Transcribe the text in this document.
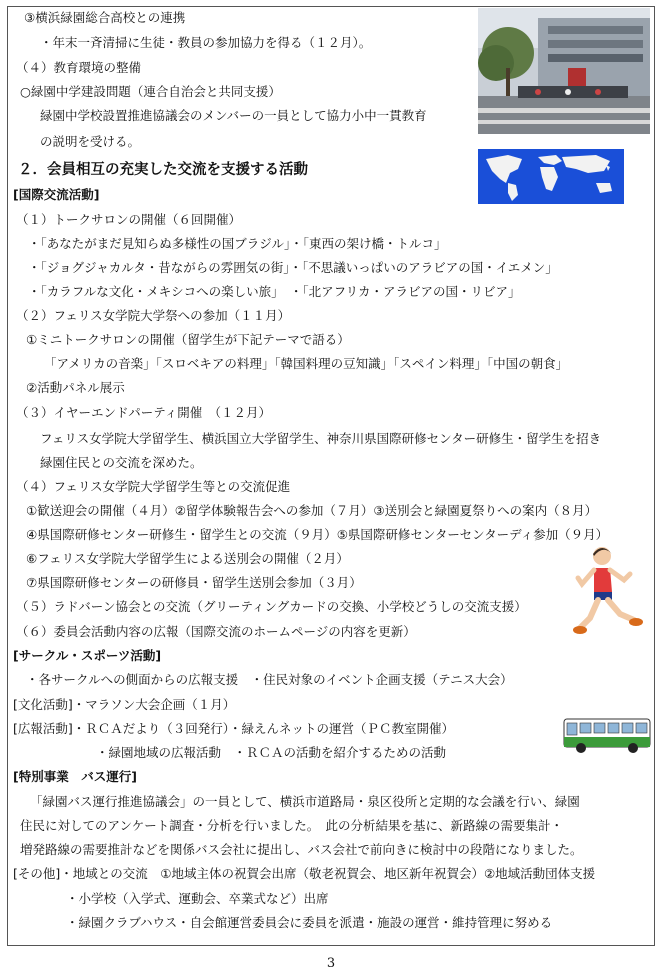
③横浜緑園総合高校との連携
・年末一斉清掃に生徒・教員の参加協力を得る（１２月）。
（４）教育環境の整備
○緑園中学建設問題（連合自治会と共同支援）
緑園中学校設置推進協議会のメンバーの一員として協力小中一貫教育
の説明を受ける。
２．会員相互の充実した交流を支援する活動
[国際交流活動]
（１）トークサロンの開催（６回開催）
・「あなたがまだ見知らぬ多様性の国ブラジル」・「東西の架け橋・トルコ」
・「ジョグジャカルタ・昔ながらの雰囲気の街」・「不思議いっぱいのアラビアの国・イエメン」
・「カラフルな文化・メキシコへの楽しい旅」　・「北アフリカ・アラビアの国・リビア」
（２）フェリス女学院大学祭への参加（１１月）
①ミニトークサロンの開催（留学生が下記テーマで語る）
「アメリカの音楽」「スロベキアの料理」「韓国料理の豆知識」「スペイン料理」「中国の朝食」
②活動パネル展示
（３）イヤーエンドパーティ開催　（１２月）
フェリス女学院大学留学生、横浜国立大学留学生、神奈川県国際研修センター研修生・留学生を招き
緑園住民との交流を深めた。
（４）フェリス女学院大学留学生等との交流促進
①歓送迎会の開催（４月）②留学体験報告会への参加（７月）③送別会と緑園夏祭りへの案内（８月）
④県国際研修センター研修生・留学生との交流（９月）⑤県国際研修センターセンターディ参加（９月）
⑥フェリス女学院大学留学生による送別会の開催（２月）
⑦県国際研修センターの研修員・留学生送別会参加（３月）
（５）ラドバーン協会との交流（グリーティングカードの交換、小学校どうしの交流支援）
（６）委員会活動内容の広報（国際交流のホームページの内容を更新）
[サークル・スポーツ活動]
・各サークルへの側面からの広報支援　・住民対象のイベント企画支援（テニス大会）
[文化活動]・マラソン大会企画（１月）
[広報活動]・ＲＣＡだより（３回発行）・緑えんネットの運営（ＰＣ教室開催）
・緑園地域の広報活動　・ＲＣＡの活動を紹介するための活動
[特別事業　バス運行]
「緑園バス運行推進協議会」の一員として、横浜市道路局・泉区役所と定期的な会議を行い、緑園
住民に対してのアンケート調査・分析を行いました。　此の分析結果を基に、新路線の需要集計・
増発路線の需要推計などを関係バス会社に提出し、バス会社で前向きに検討中の段階になりました。
[その他]・地域との交流　①地域主体の祝賀会出席（敬老祝賀会、地区新年祝賀会）②地域活動団体支援
・小学校（入学式、運動会、卒業式など）出席
・緑園クラブハウス・自会館運営委員会に委員を派遣・施設の運営・維持管理に努める
3
